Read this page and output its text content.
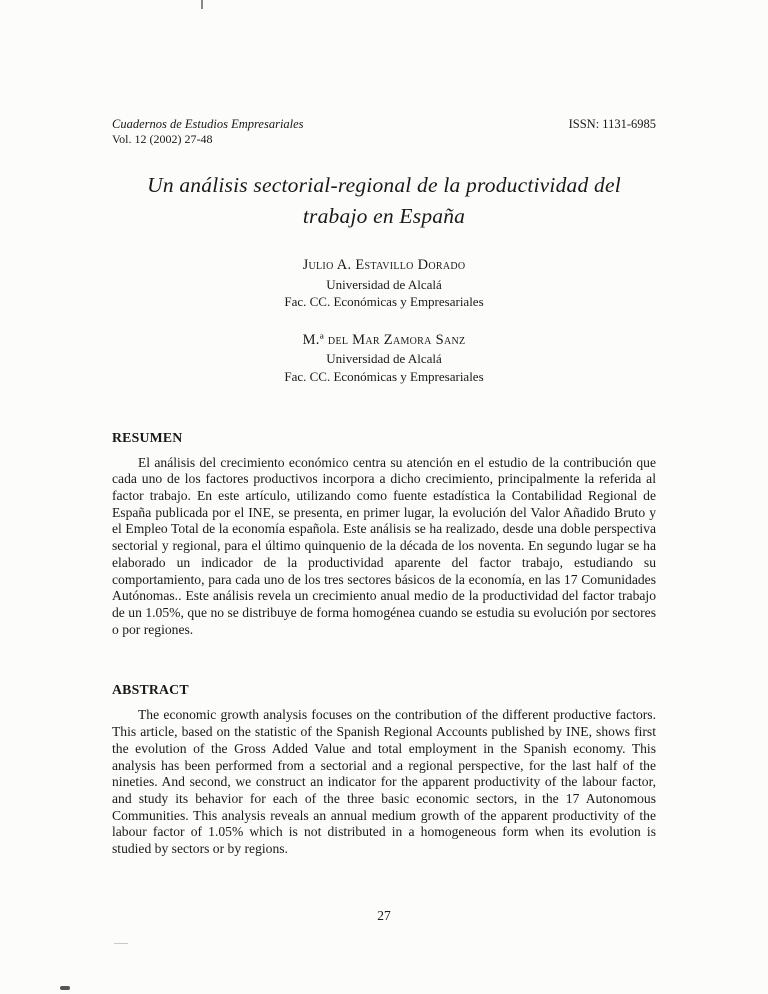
Cuadernos de Estudios Empresariales
Vol. 12 (2002) 27-48
ISSN: 1131-6985
Un análisis sectorial-regional de la productividad del trabajo en España
Julio A. Estavillo Dorado
Universidad de Alcalá
Fac. CC. Económicas y Empresariales
M.ª del Mar Zamora Sanz
Universidad de Alcalá
Fac. CC. Económicas y Empresariales
RESUMEN

El análisis del crecimiento económico centra su atención en el estudio de la contribución que cada uno de los factores productivos incorpora a dicho crecimiento, principalmente la referida al factor trabajo. En este artículo, utilizando como fuente estadística la Contabilidad Regional de España publicada por el INE, se presenta, en primer lugar, la evolución del Valor Añadido Bruto y el Empleo Total de la economía española. Este análisis se ha realizado, desde una doble perspectiva sectorial y regional, para el último quinquenio de la década de los noventa. En segundo lugar se ha elaborado un indicador de la productividad aparente del factor trabajo, estudiando su comportamiento, para cada uno de los tres sectores básicos de la economía, en las 17 Comunidades Autónomas.. Este análisis revela un crecimiento anual medio de la productividad del factor trabajo de un 1.05%, que no se distribuye de forma homogénea cuando se estudia su evolución por sectores o por regiones.

ABSTRACT

The economic growth analysis focuses on the contribution of the different productive factors. This article, based on the statistic of the Spanish Regional Accounts published by INE, shows first the evolution of the Gross Added Value and total employment in the Spanish economy. This analysis has been performed from a sectorial and a regional perspective, for the last half of the nineties. And second, we construct an indicator for the apparent productivity of the labour factor, and study its behavior for each of the three basic economic sectors, in the 17 Autonomous Communities. This analysis reveals an annual medium growth of the apparent productivity of the labour factor of 1.05% which is not distributed in a homogeneous form when its evolution is studied by sectors or by regions.

27
